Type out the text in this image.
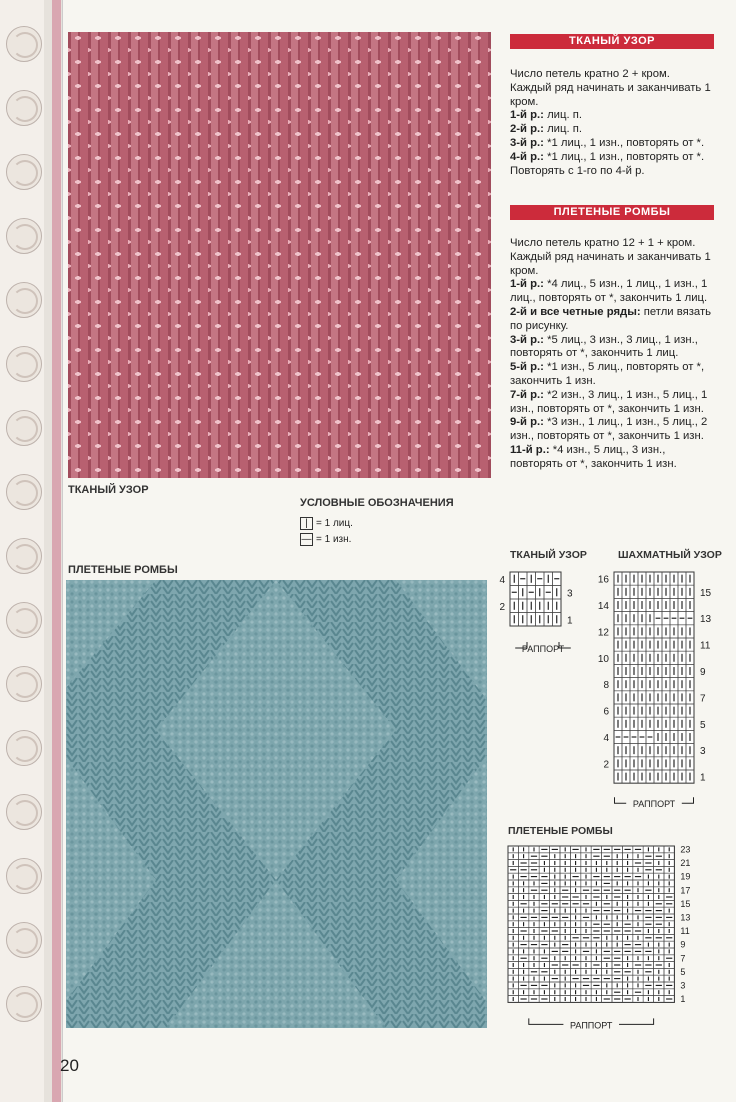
ТКАНЫЙ УЗОР
УСЛОВНЫЕ ОБОЗНАЧЕНИЯ
| = 1 лиц.
— = 1 изн.
ПЛЕТЕНЫЕ РОМБЫ
ТКАНЫЙ УЗОР

Число петель кратно 2 + кром. Каждый ряд начинать и заканчивать 1 кром.

1-й р.: лиц. п.

2-й р.: лиц. п.

3-й р.: *1 лиц., 1 изн., повторять от *.

4-й р.: *1 лиц., 1 изн., повторять от *.

Повторять с 1-го по 4-й р.

ПЛЕТЕНЫЕ РОМБЫ

Число петель кратно 12 + 1 + кром. Каждый ряд начинать и заканчивать 1 кром.

1-й р.: *4 лиц., 5 изн., 1 лиц., 1 изн., 1 лиц., повторять от *, закончить 1 лиц.

2-й и все четные ряды: петли вязать по рисунку.

3-й р.: *5 лиц., 3 изн., 3 лиц., 1 изн., повторять от *, закончить 1 лиц.

5-й р.: *1 изн., 5 лиц., повторять от *, закончить 1 изн.

7-й р.: *2 изн., 3 лиц., 1 изн., 5 лиц., 1 изн., повторять от *, закончить 1 изн.

9-й р.: *3 изн., 1 лиц., 1 изн., 5 лиц., 2 изн., повторять от *, закончить 1 изн.

11-й р.: *4 изн., 5 лиц., 3 изн., повторять от *, закончить 1 изн.

ТКАНЫЙ УЗОР	ШАХМАТНЫЙ УЗОР
ПЛЕТЕНЫЕ РОМБЫ
4
2
3
1
РАППОРТ
16
14
12
10
8
6
4
2
15
13
11
9
7
5
3
1
РАППОРТ
23
21
19
17
15
13
11
9
7
5
3
1
РАППОРТ
20
